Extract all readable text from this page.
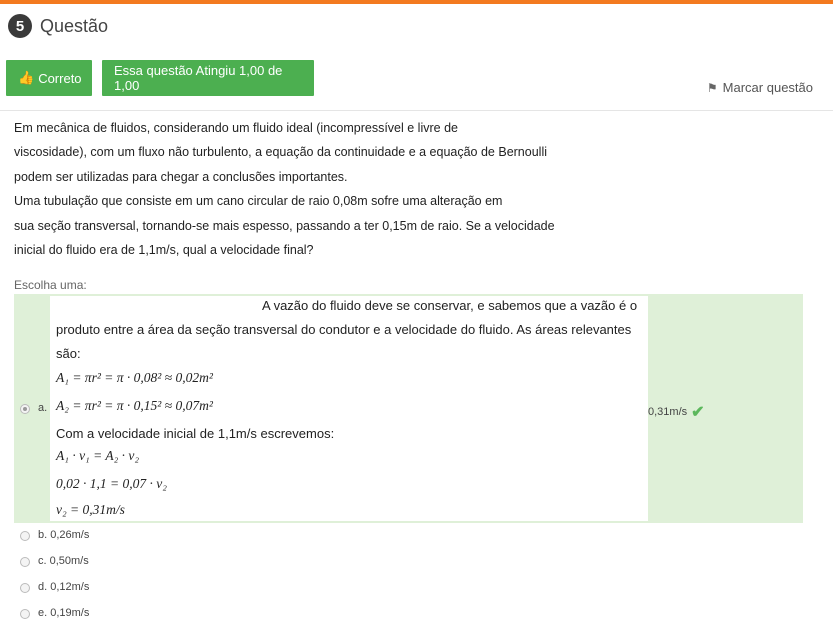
5 Questão
👍 Correto	Essa questão Atingiu 1,00 de 1,00	⚑ Marcar questão

Em mecânica de fluidos, considerando um fluido ideal (incompressível e livre de

viscosidade), com um fluxo não turbulento, a equação da continuidade e a equação de Bernoulli

podem ser utilizadas para chegar a conclusões importantes.

Uma tubulação que consiste em um cano circular de raio 0,08m sofre uma alteração em

sua seção transversal, tornando-se mais espesso, passando a ter 0,15m de raio. Se a velocidade

inicial do fluido era de 1,1m/s, qual a velocidade final?

Escolha uma:
a.
A vazão do fluido deve se conservar, e sabemos que a vazão é o
produto entre a área da seção transversal do condutor e a velocidade do fluido. As áreas relevantes
são:
A₁ = πr² = π · 0,08² ≈ 0,02m²
A₂ = πr² = π · 0,15² ≈ 0,07m²
Com a velocidade inicial de 1,1m/s escrevemos:
A₁ · v₁ = A₂ · v₂
0,02 · 1,1 = 0,07 · v₂
v₂ = 0,31m/s
0,31m/s ✔
b. 0,26m/s
c. 0,50m/s
d. 0,12m/s
e. 0,19m/s
